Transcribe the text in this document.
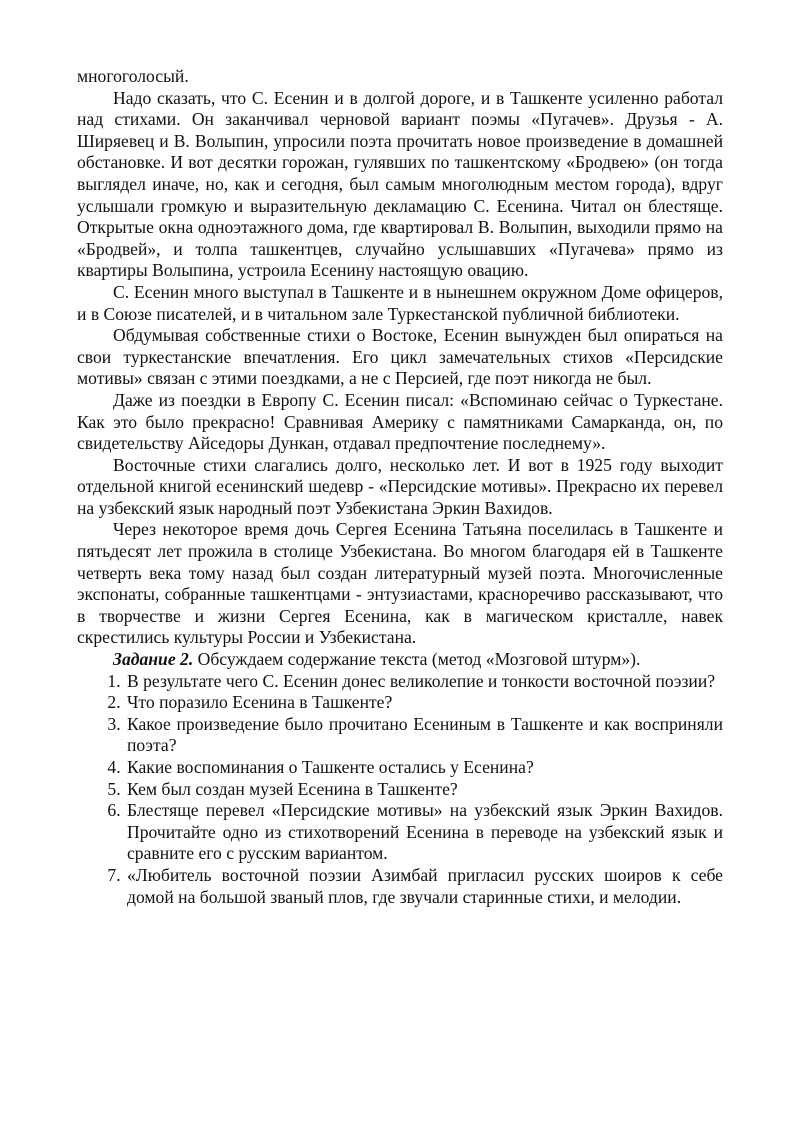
многоголосый.

Надо сказать, что С. Есенин и в долгой дороге, и в Ташкенте усиленно работал над стихами. Он заканчивал черновой вариант поэмы «Пугачев». Друзья - А. Ширяевец и В. Волыпин, упросили поэта прочитать новое произведение в домашней обстановке. И вот десятки горожан, гулявших по ташкентскому «Бродвею» (он тогда выглядел иначе, но, как и сегодня, был самым многолюдным местом города), вдруг услышали громкую и выразительную декламацию С. Есенина. Читал он блестяще. Открытые окна одноэтажного дома, где квартировал В. Волыпин, выходили прямо на «Бродвей», и толпа ташкентцев, случайно услышавших «Пугачева» прямо из квартиры Волыпина, устроила Есенину настоящую овацию.

С. Есенин много выступал в Ташкенте и в нынешнем окружном Доме офицеров, и в Союзе писателей, и в читальном зале Туркестанской публичной библиотеки.

Обдумывая собственные стихи о Востоке, Есенин вынужден был опираться на свои туркестанские впечатления. Его цикл замечательных стихов «Персидские мотивы» связан с этими поездками, а не с Персией, где поэт никогда не был.

Даже из поездки в Европу С. Есенин писал: «Вспоминаю сейчас о Туркестане. Как это было прекрасно! Сравнивая Америку с памятниками Самарканда, он, по свидетельству Айседоры Дункан, отдавал предпочтение последнему».

Восточные стихи слагались долго, несколько лет. И вот в 1925 году выходит отдельной книгой есенинский шедевр - «Персидские мотивы». Прекрасно их перевел на узбекский язык народный поэт Узбекистана Эркин Вахидов.

Через некоторое время дочь Сергея Есенина Татьяна поселилась в Ташкенте и пятьдесят лет прожила в столице Узбекистана. Во многом благодаря ей в Ташкенте четверть века тому назад был создан литературный музей поэта. Многочисленные экспонаты, собранные ташкентцами - энтузиастами, красноречиво рассказывают, что в творчестве и жизни Сергея Есенина, как в магическом кристалле, навек скрестились культуры России и Узбекистана.

Задание 2. Обсуждаем содержание текста (метод «Мозговой штурм»).

1. В результате чего С. Есенин донес великолепие и тонкости восточной поэзии?
2. Что поразило Есенина в Ташкенте?
3. Какое произведение было прочитано Есениным в Ташкенте и как восприняли поэта?
4. Какие воспоминания о Ташкенте остались у Есенина?
5. Кем был создан музей Есенина в Ташкенте?
6. Блестяще перевел «Персидские мотивы» на узбекский язык Эркин Вахидов. Прочитайте одно из стихотворений Есенина в переводе на узбекский язык и сравните его с русским вариантом.
7. «Любитель восточной поэзии Азимбай пригласил русских шоиров к себе домой на большой званый плов, где звучали старинные стихи, и мелодии.
